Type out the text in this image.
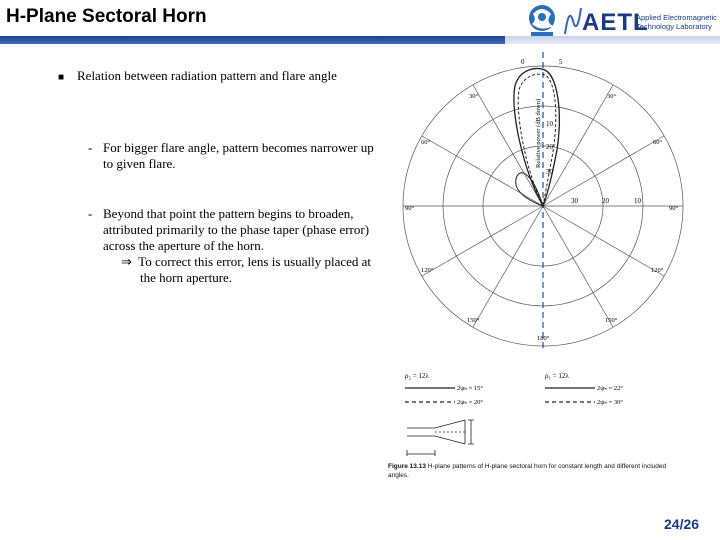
H-Plane Sectoral Horn	AETL
Applied Electromagnetic
Technology Laboratory
■ Relation between radiation pattern and flare angle
- For bigger flare angle, pattern becomes narrower up
to given flare.
- Beyond that point the pattern begins to broaden,
attributed primarily to the phase taper (phase error)
across the aperture of the horn.
⇒ To correct this error, lens is usually placed at
the horn aperture.
0	5
Relative power (dB down) 10
20
30
30	20	10
30°	30°
60°	60°
90°	90°
120°	120°
150°	150°
180°
ρ₂ = 12λ
2ψₕ = 15°
2ψₕ = 20°
ρ₁ = 12λ
2ψₕ = 22°
2ψₕ = 30°
Figure 13.13 H-plane patterns of H-plane sectoral horn for constant length and different included angles.
24/26
